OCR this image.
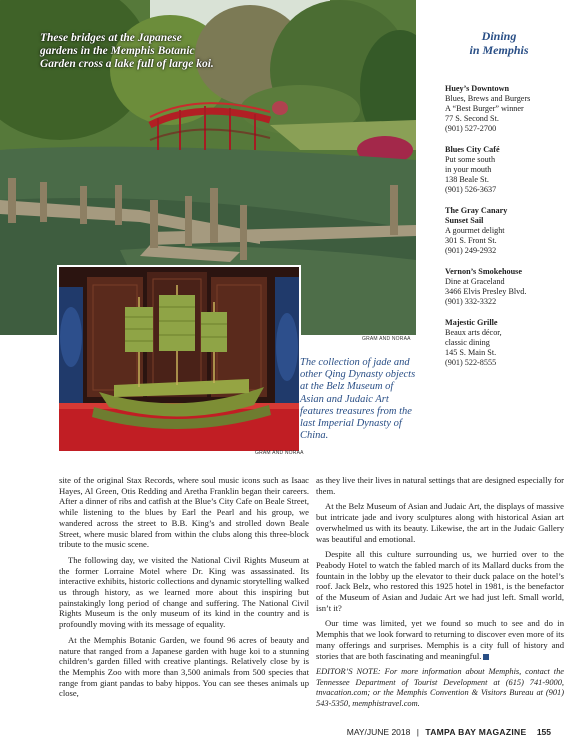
These bridges at the Japanese gardens in the Memphis Botanic Garden cross a lake full of large koi.
GRAM AND NORAA
GRAM AND NORAA
The collection of jade and other Qing Dynasty objects at the Belz Museum of Asian and Judaic Art features treasures from the last Imperial Dynasty of China.
Dining
in Memphis
Huey’s Downtown
Blues, Brews and Burgers
A “Best Burger” winner
77 S. Second St.
(901) 527-2700
Blues City Café
Put some south
in your mouth
138 Beale St.
(901) 526-3637
The Gray Canary
Sunset Sail
A gourmet delight
301 S. Front St.
(901) 249-2932
Vernon’s Smokehouse
Dine at Graceland
3466 Elvis Presley Blvd.
(901) 332-3322
Majestic Grille
Beaux arts décor,
classic dining
145 S. Main St.
(901) 522-8555

site of the original Stax Records, where soul music icons such as Isaac Hayes, Al Green, Otis Redding and Aretha Franklin began their careers. After a dinner of ribs and catfish at the Blue’s City Cafe on Beale Street, while listening to the blues by Earl the Pearl and his group, we wandered across the street to B.B. King’s and strolled down Beale Street, where music blared from within the clubs along this three-block tribute to the music scene.

The following day, we visited the National Civil Rights Museum at the former Lorraine Motel where Dr. King was assassinated. Its interactive exhibits, historic collections and dynamic storytelling walked us through history, as we learned more about this inspiring but painstakingly long period of change and suffering. The National Civil Rights Museum is the only museum of its kind in the country and is profoundly moving with its message of equality.

At the Memphis Botanic Garden, we found 96 acres of beauty and nature that ranged from a Japanese garden with huge koi to a stunning children’s garden filled with creative plantings. Relatively close by is the Memphis Zoo with more than 3,500 animals from 500 species that range from giant pandas to baby hippos. You can see theses animals up close,

as they live their lives in natural settings that are designed especially for them.

At the Belz Museum of Asian and Judaic Art, the displays of massive but intricate jade and ivory sculptures along with historical Asian art overwhelmed us with its beauty. Likewise, the art in the Judaic Gallery was beautiful and emotional.

Despite all this culture surrounding us, we hurried over to the Peabody Hotel to watch the fabled march of its Mallard ducks from the fountain in the lobby up the elevator to their duck palace on the hotel’s roof. Jack Belz, who restored this 1925 hotel in 1981, is the benefactor of the Museum of Asian and Judaic Art we had just left. Small world, isn’t it?

Our time was limited, yet we found so much to see and do in Memphis that we look forward to returning to discover even more of its many offerings and surprises. Memphis is a city full of history and stories that are both fascinating and meaningful.

EDITOR’S NOTE: For more information about Memphis, contact the Tennessee Department of Tourist Development at (615) 741-9000, tnvacation.com; or the Memphis Convention & Visitors Bureau at (901) 543-5350, memphistravel.com.

MAY/JUNE 2018 | TAMPA BAY MAGAZINE 155
